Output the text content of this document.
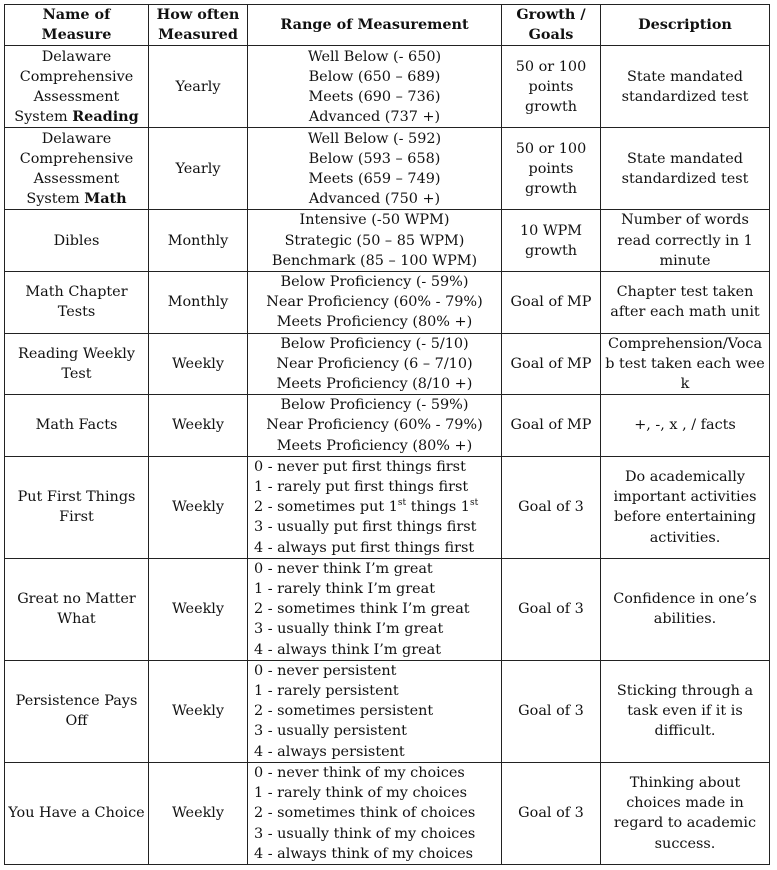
Name of Measure	How often Measured	Range of Measurement	Growth / Goals	Description
Delaware Comprehensive Assessment System Reading	Yearly	Well Below (- 650)
Below (650 – 689)
Meets (690 – 736)
Advanced (737 +)	50 or 100 points growth	State mandated standardized test
Delaware Comprehensive Assessment System Math	Yearly	Well Below (- 592)
Below (593 – 658)
Meets (659 – 749)
Advanced (750 +)	50 or 100 points growth	State mandated standardized test
Dibles	Monthly	Intensive (-50 WPM)
Strategic (50 – 85 WPM)
Benchmark (85 – 100 WPM)	10 WPM growth	Number of words read correctly in 1 minute
Math Chapter Tests	Monthly	Below Proficiency (- 59%)
Near Proficiency (60% - 79%)
Meets Proficiency (80% +)	Goal of MP	Chapter test taken after each math unit
Reading Weekly Test	Weekly	Below Proficiency (- 5/10)
Near Proficiency (6 – 7/10)
Meets Proficiency (8/10 +)	Goal of MP	Comprehension/Vocab test taken each week
Math Facts	Weekly	Below Proficiency (- 59%)
Near Proficiency (60% - 79%)
Meets Proficiency (80% +)	Goal of MP	+, -, x , / facts
Put First Things First	Weekly	0 - never put first things first
1 - rarely put first things first
2 - sometimes put 1st things 1st
3 - usually put first things first
4 - always put first things first	Goal of 3	Do academically important activities before entertaining activities.
Great no Matter What	Weekly	0 - never think I’m great
1 - rarely think I’m great
2 - sometimes think I’m great
3 - usually think I’m great
4 - always think I’m great	Goal of 3	Confidence in one’s abilities.
Persistence Pays Off	Weekly	0 - never persistent
1 - rarely persistent
2 - sometimes persistent
3 - usually persistent
4 - always persistent	Goal of 3	Sticking through a task even if it is difficult.
You Have a Choice	Weekly	0 - never think of my choices
1 - rarely think of my choices
2 - sometimes think of choices
3 - usually think of my choices
4 - always think of my choices	Goal of 3	Thinking about choices made in regard to academic success.
